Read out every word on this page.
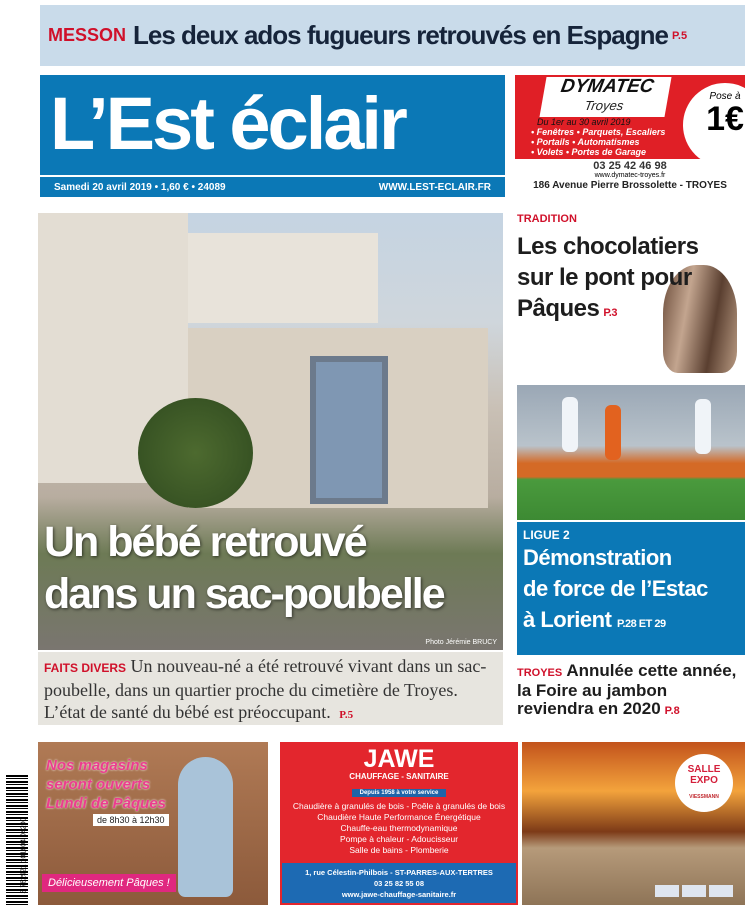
MESSON Les deux ados fugueurs retrouvés en Espagne P.5
L’Est éclair
Samedi 20 avril 2019 • 1,60 € • 24089	WWW.LEST-ECLAIR.FR
DYMATEC
Troyes
Du 1er au 30 avril 2019
• Fenêtres • Parquets, Escaliers
• Portails • Automatismes
• Volets • Portes de Garage
Pose à
1€
03 25 42 46 98
www.dymatec-troyes.fr
186 Avenue Pierre Brossolette - TROYES
Un bébé retrouvé
dans un sac-poubelle
Photo Jérémie BRUCY
FAITS DIVERS Un nouveau-né a été retrouvé vivant dans un sac-poubelle, dans un quartier proche du cimetière de Troyes. L’état de santé du bébé est préoccupant. P.5
TRADITION
Les chocolatiers sur le pont pour Pâques P.3
LIGUE 2
Démonstration
de force de l’Estac
à Lorient P.28 ET 29
TROYES Annulée cette année, la Foire au jambon reviendra en 2020 P.8
Nos magasins
seront ouverts
Lundi de Pâques
de 8h30 à 12h30
Délicieusement Pâques !
JAWE
CHAUFFAGE - SANITAIRE
Depuis 1958 à votre service
Chaudière à granulés de bois - Poêle à granulés de bois
Chaudière Haute Performance Énergétique
Chauffe-eau thermodynamique
Pompe à chaleur - Adoucisseur
Salle de bains - Plomberie
1, rue Célestin-Philbois - ST-PARRES-AUX-TERTRES
03 25 82 55 08
www.jawe-chauffage-sanitaire.fr
SALLE
EXPO
VIESSMANN
3 782921 101604 04200
